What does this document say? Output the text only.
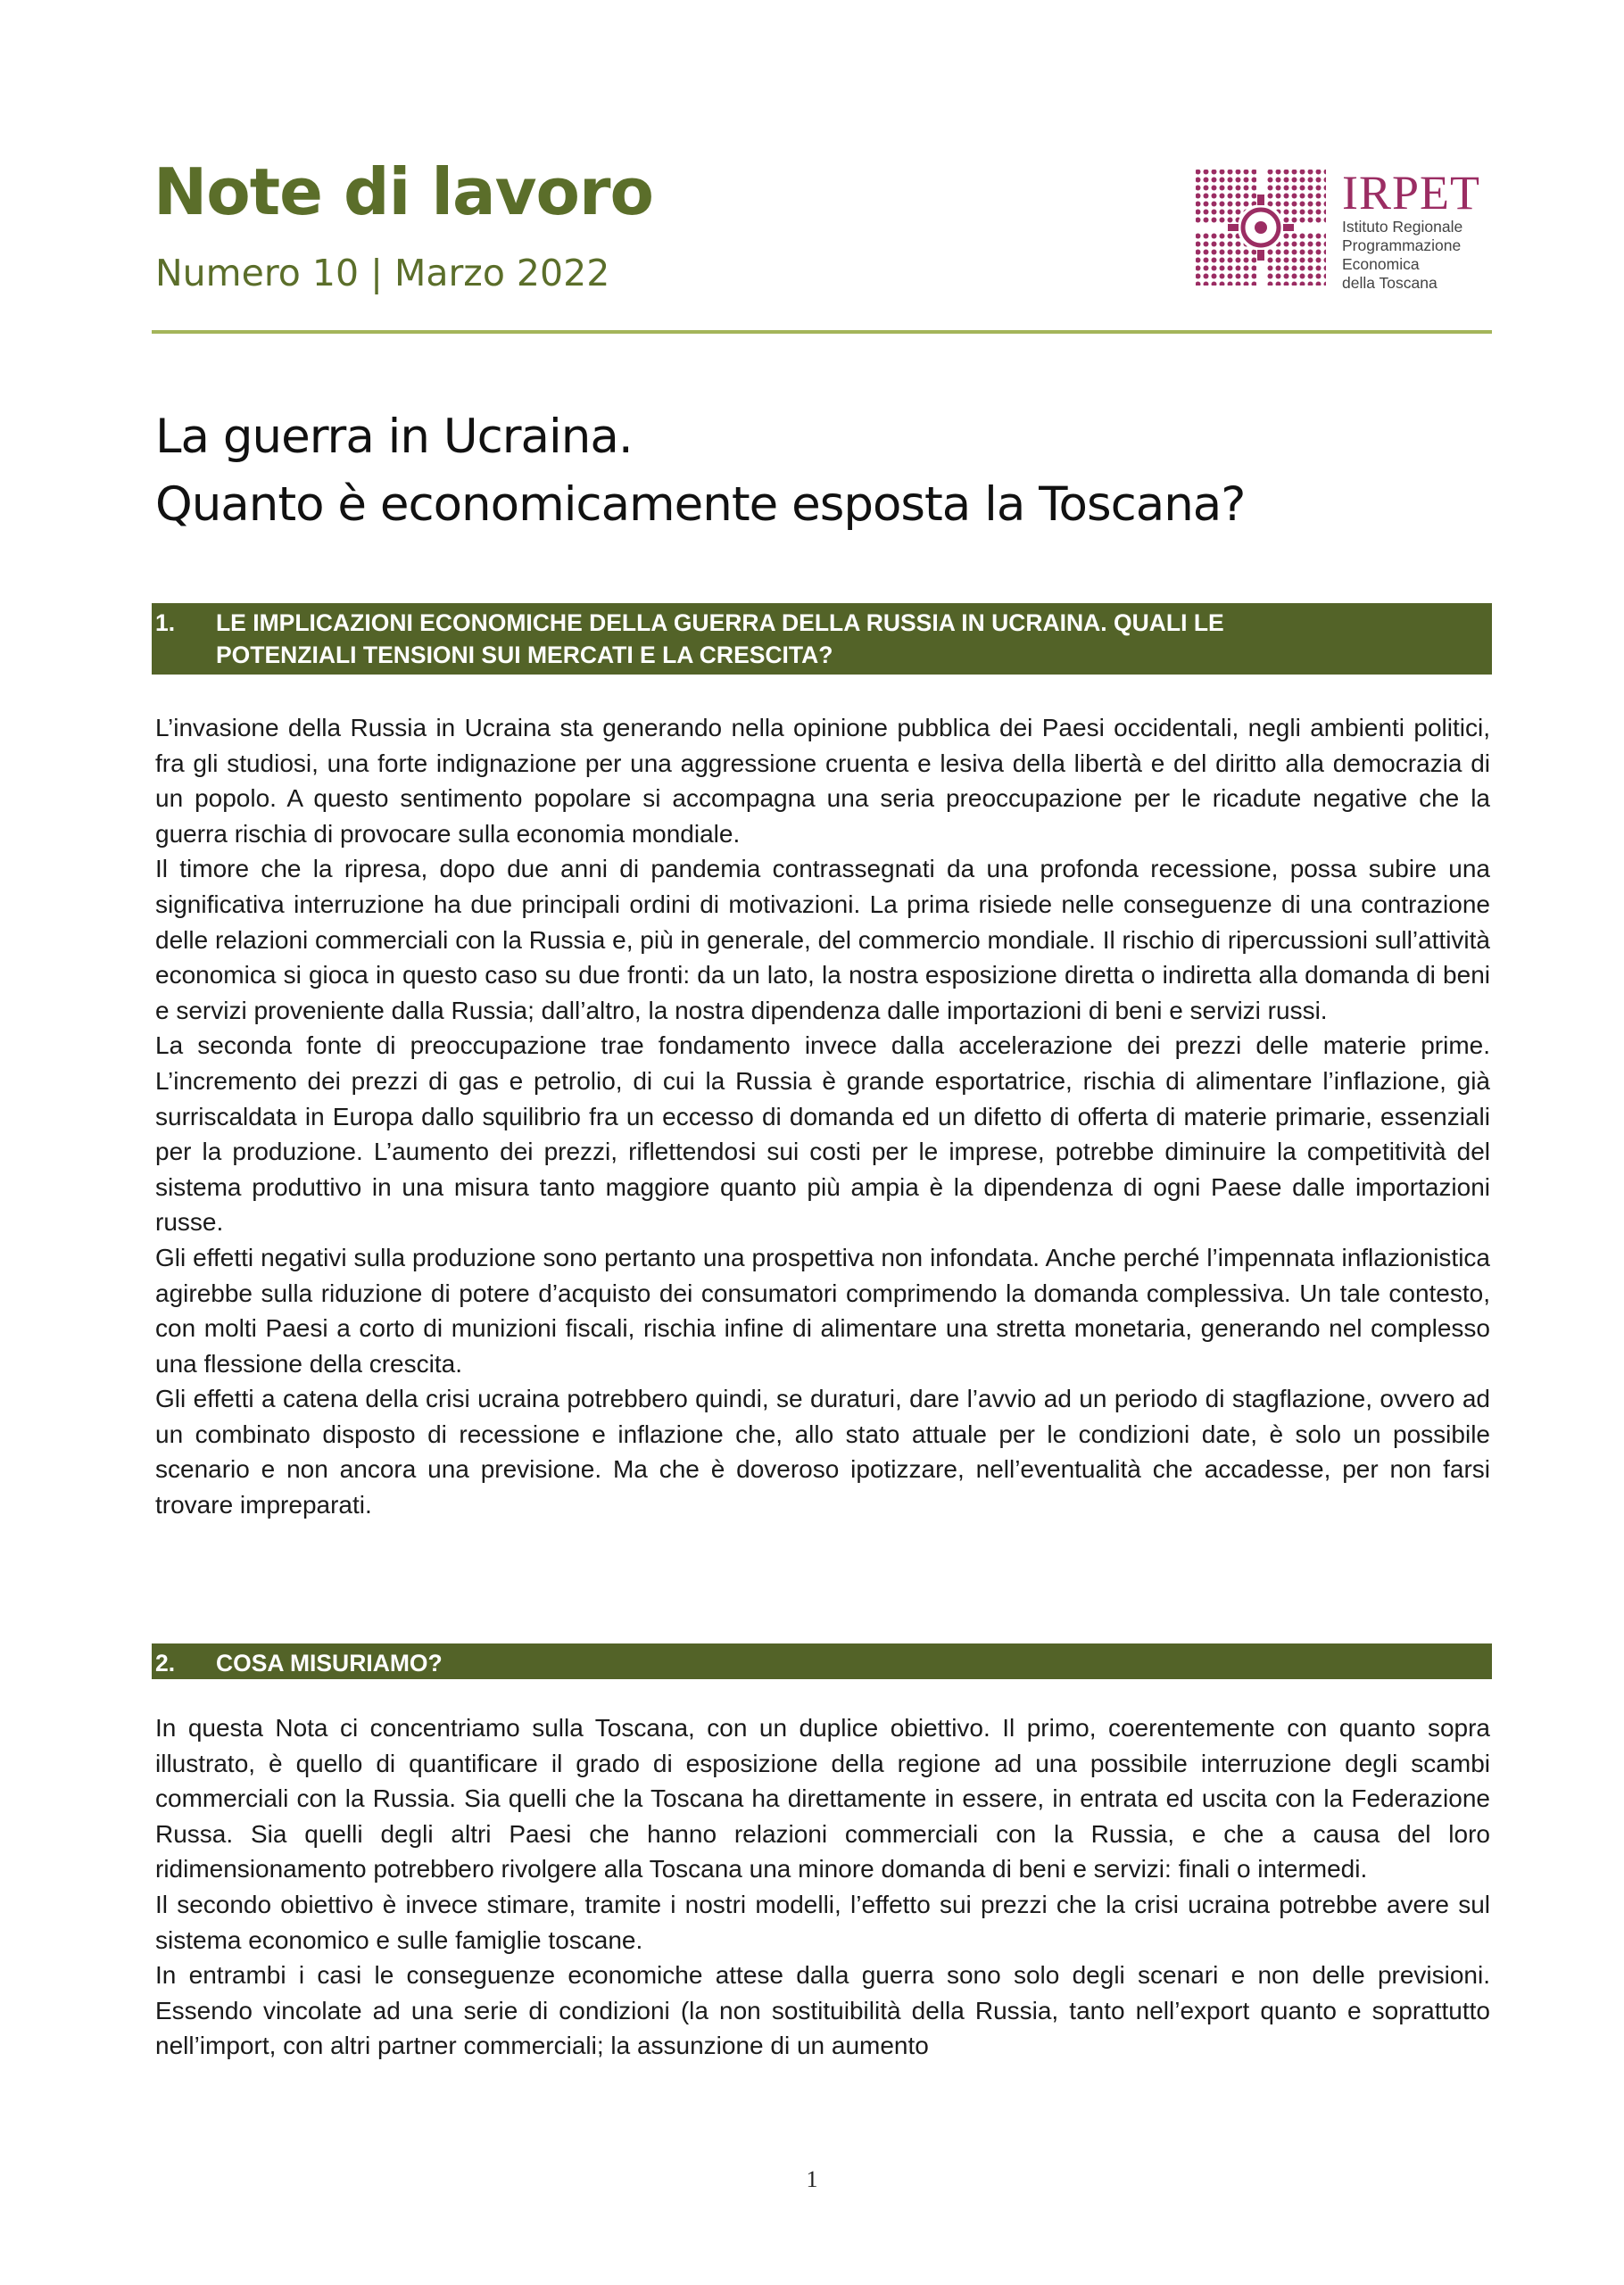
Note di lavoro
Numero 10 | Marzo 2022
IRPET
Istituto Regionale
Programmazione
Economica
della Toscana
La guerra in Ucraina.
Quanto è economicamente esposta la Toscana?
1. LE IMPLICAZIONI ECONOMICHE DELLA GUERRA DELLA RUSSIA IN UCRAINA. QUALI LE
POTENZIALI TENSIONI SUI MERCATI E LA CRESCITA?

L’invasione della Russia in Ucraina sta generando nella opinione pubblica dei Paesi occidentali, negli ambienti politici, fra gli studiosi, una forte indignazione per una aggressione cruenta e lesiva della libertà e del diritto alla democrazia di un popolo. A questo sentimento popolare si accompagna una seria preoccupazione per le ricadute negative che la guerra rischia di provocare sulla economia mondiale.

Il timore che la ripresa, dopo due anni di pandemia contrassegnati da una profonda recessione, possa subire una significativa interruzione ha due principali ordini di motivazioni. La prima risiede nelle conseguenze di una contrazione delle relazioni commerciali con la Russia e, più in generale, del commercio mondiale. Il rischio di ripercussioni sull’attività economica si gioca in questo caso su due fronti: da un lato, la nostra esposizione diretta o indiretta alla domanda di beni e servizi proveniente dalla Russia; dall’altro, la nostra dipendenza dalle importazioni di beni e servizi russi.

La seconda fonte di preoccupazione trae fondamento invece dalla accelerazione dei prezzi delle materie prime. L’incremento dei prezzi di gas e petrolio, di cui la Russia è grande esportatrice, rischia di alimentare l’inflazione, già surriscaldata in Europa dallo squilibrio fra un eccesso di domanda ed un difetto di offerta di materie primarie, essenziali per la produzione. L’aumento dei prezzi, riflettendosi sui costi per le imprese, potrebbe diminuire la competitività del sistema produttivo in una misura tanto maggiore quanto più ampia è la dipendenza di ogni Paese dalle importazioni russe.

Gli effetti negativi sulla produzione sono pertanto una prospettiva non infondata. Anche perché l’impennata inflazionistica agirebbe sulla riduzione di potere d’acquisto dei consumatori comprimendo la domanda complessiva. Un tale contesto, con molti Paesi a corto di munizioni fiscali, rischia infine di alimentare una stretta monetaria, generando nel complesso una flessione della crescita.

Gli effetti a catena della crisi ucraina potrebbero quindi, se duraturi, dare l’avvio ad un periodo di stagflazione, ovvero ad un combinato disposto di recessione e inflazione che, allo stato attuale per le condizioni date, è solo un possibile scenario e non ancora una previsione. Ma che è doveroso ipotizzare, nell’eventualità che accadesse, per non farsi trovare impreparati.

2. COSA MISURIAMO?

In questa Nota ci concentriamo sulla Toscana, con un duplice obiettivo. Il primo, coerentemente con quanto sopra illustrato, è quello di quantificare il grado di esposizione della regione ad una possibile interruzione degli scambi commerciali con la Russia. Sia quelli che la Toscana ha direttamente in essere, in entrata ed uscita con la Federazione Russa. Sia quelli degli altri Paesi che hanno relazioni commerciali con la Russia, e che a causa del loro ridimensionamento potrebbero rivolgere alla Toscana una minore domanda di beni e servizi: finali o intermedi.

Il secondo obiettivo è invece stimare, tramite i nostri modelli, l’effetto sui prezzi che la crisi ucraina potrebbe avere sul sistema economico e sulle famiglie toscane.

In entrambi i casi le conseguenze economiche attese dalla guerra sono solo degli scenari e non delle previsioni. Essendo vincolate ad una serie di condizioni (la non sostituibilità della Russia, tanto nell’export quanto e soprattutto nell’import, con altri partner commerciali; la assunzione di un aumento

1
